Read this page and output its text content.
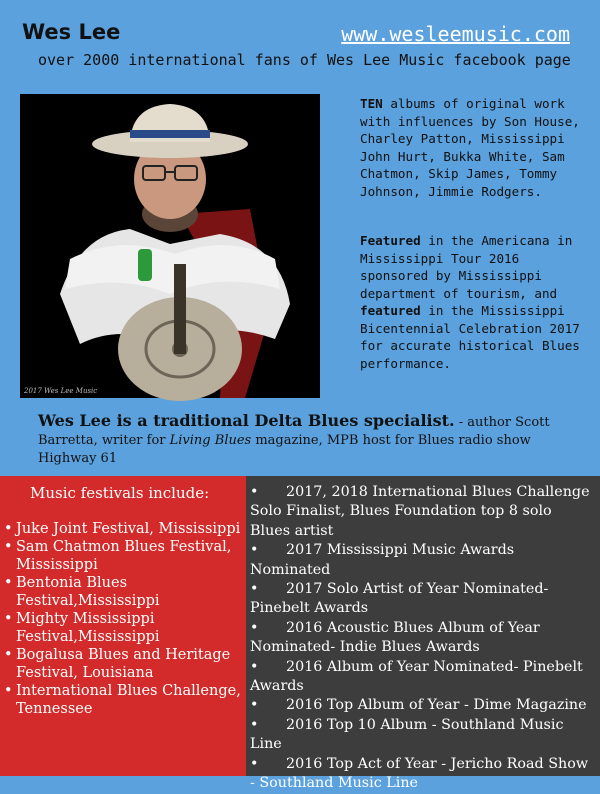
Wes Lee	www.wesleemusic.com
over 2000 international fans of Wes Lee Music facebook page
2017 Wes Lee Music
TEN albums of original work with influences by Son House, Charley Patton, Mississippi John Hurt, Bukka White, Sam Chatmon, Skip James, Tommy Johnson, Jimmie Rodgers.
Featured in the Americana in Mississippi Tour 2016 sponsored by Mississippi department of tourism, and featured in the Mississippi Bicentennial Celebration 2017 for accurate historical Blues performance.
Wes Lee is a traditional Delta Blues specialist. - author Scott Barretta, writer for Living Blues magazine, MPB host for Blues radio show Highway 61
Music festivals include:
• Juke Joint Festival, Mississippi
• Sam Chatmon Blues Festival, Mississippi
• Bentonia Blues Festival,Mississippi
• Mighty Mississippi Festival,Mississippi
• Bogalusa Blues and Heritage Festival, Louisiana
• International Blues Challenge, Tennessee
• 2017, 2018 International Blues Challenge Solo Finalist, Blues Foundation top 8 solo Blues artist
• 2017 Mississippi Music Awards Nominated
• 2017 Solo Artist of Year Nominated- Pinebelt Awards
• 2016 Acoustic Blues Album of Year Nominated- Indie Blues Awards
• 2016 Album of Year Nominated- Pinebelt Awards
• 2016 Top Album of Year - Dime Magazine
• 2016 Top 10 Album - Southland Music Line
• 2016 Top Act of Year - Jericho Road Show - Southland Music Line
